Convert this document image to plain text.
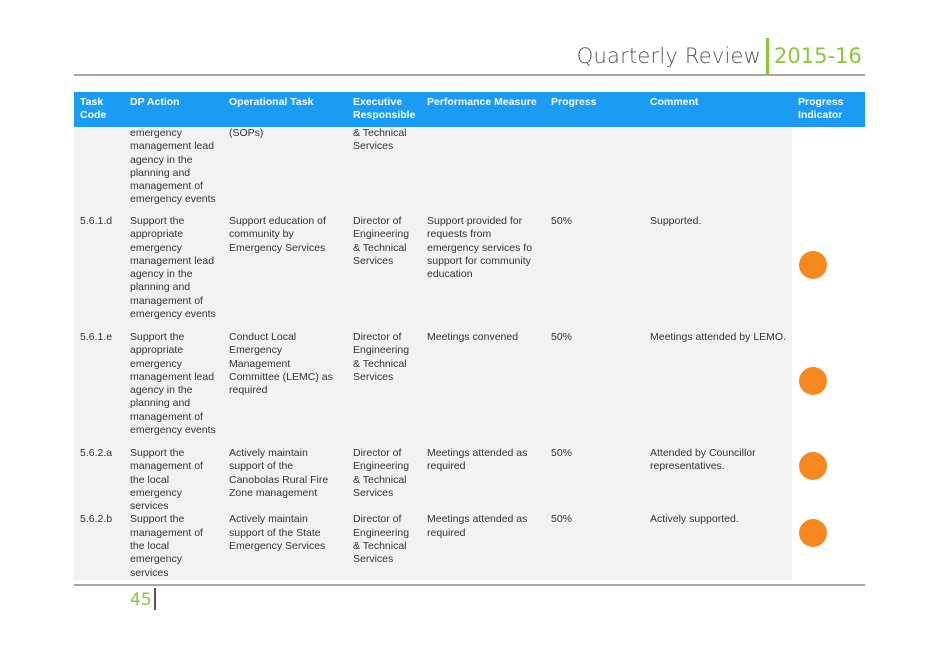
Quarterly Review 2015-16
Task Code	DP Action	Operational Task	Executive Responsible	Performance Measure	Progress	Comment	Progress Indicator
	emergency management lead agency in the planning and management of emergency events	(SOPs)	& Technical Services				
5.6.1.d	Support the appropriate emergency management lead agency in the planning and management of emergency events	Support education of community by Emergency Services	Director of Engineering & Technical Services	Support provided for requests from emergency services fo support for community education	50%	Supported.	

5.6.1.e	Support the appropriate emergency management lead agency in the planning and management of emergency events	Conduct Local Emergency Management Committee (LEMC) as required	Director of Engineering & Technical Services	Meetings convened	50%	Meetings attended by LEMO.	

5.6.2.a	Support the management of the local emergency services	Actively maintain support of the Canobolas Rural Fire Zone management	Director of Engineering & Technical Services	Meetings attended as required	50%	Attended by Councillor representatives.	

5.6.2.b	Support the management of the local emergency services	Actively maintain support of the State Emergency Services	Director of Engineering & Technical Services	Meetings attended as required	50%	Actively supported.	
45
